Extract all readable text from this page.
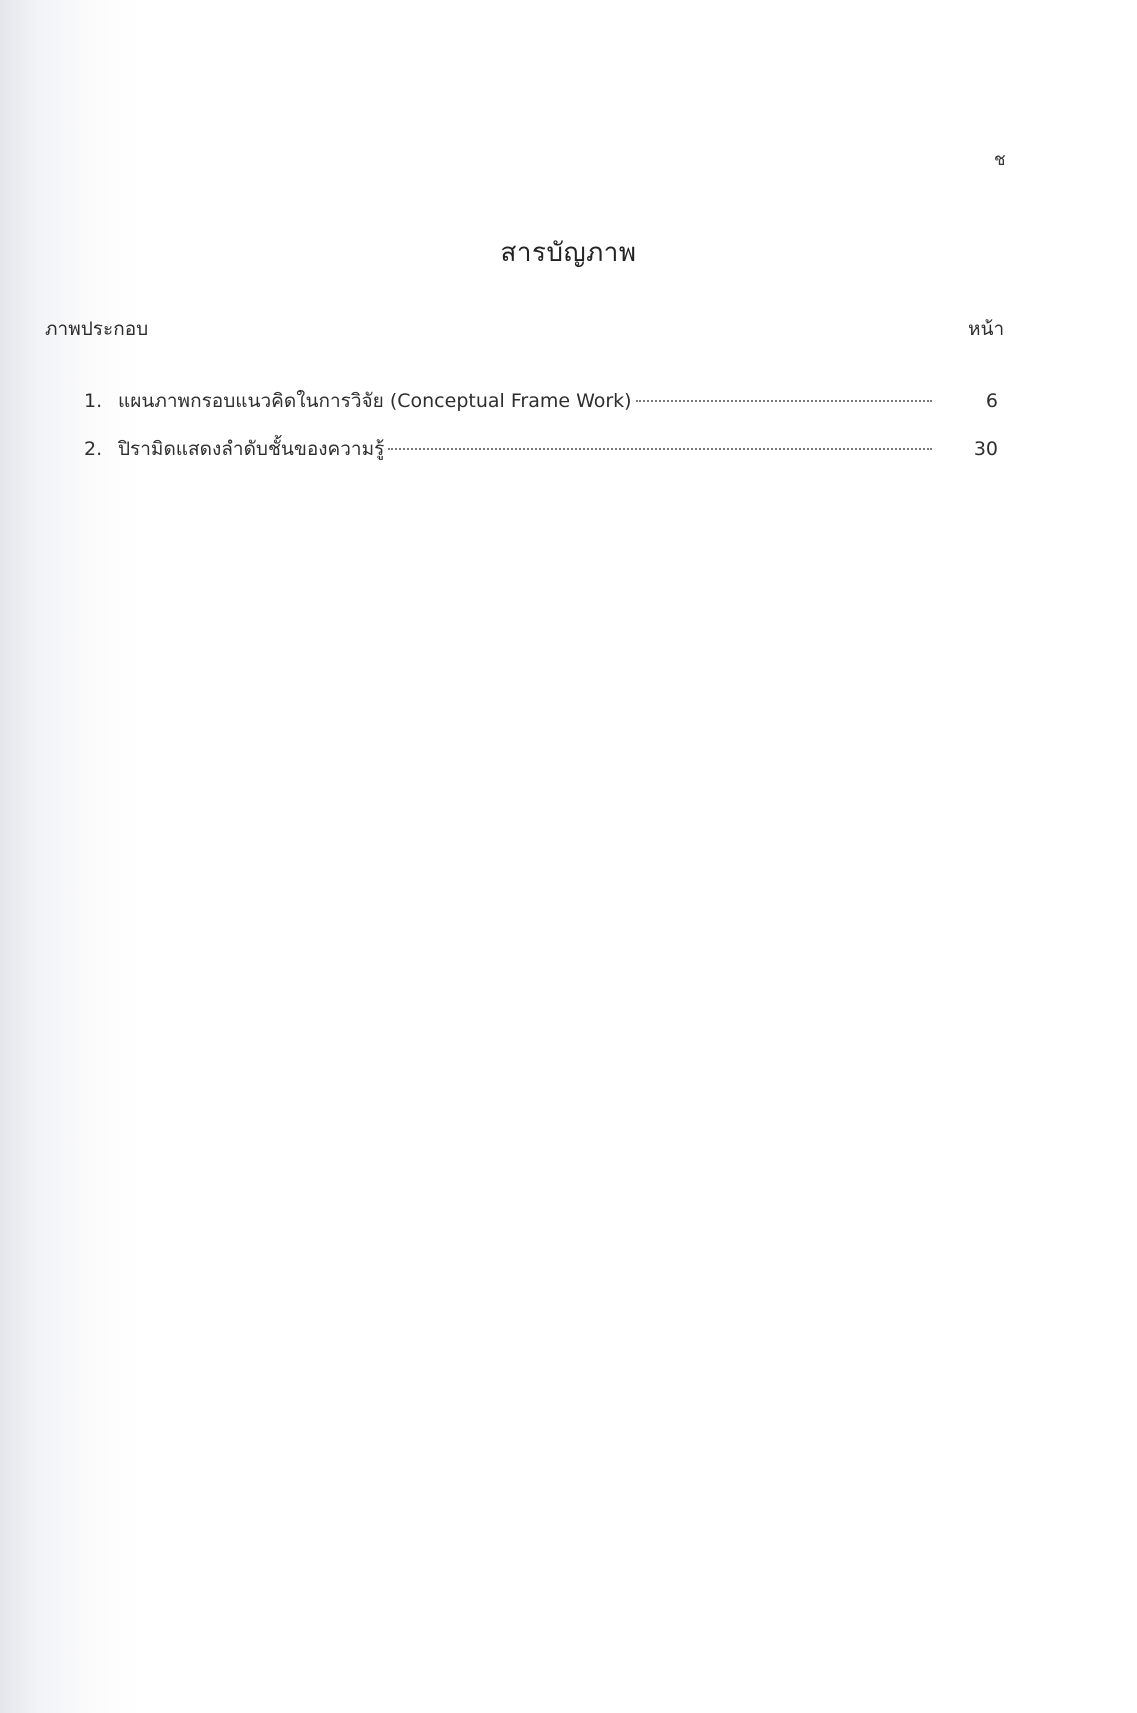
ช
สารบัญภาพ
ภาพประกอบ	หน้า
1. แผนภาพกรอบแนวคิดในการวิจัย (Conceptual Frame Work)	6
2. ปิรามิดแสดงลำดับชั้นของความรู้	30
